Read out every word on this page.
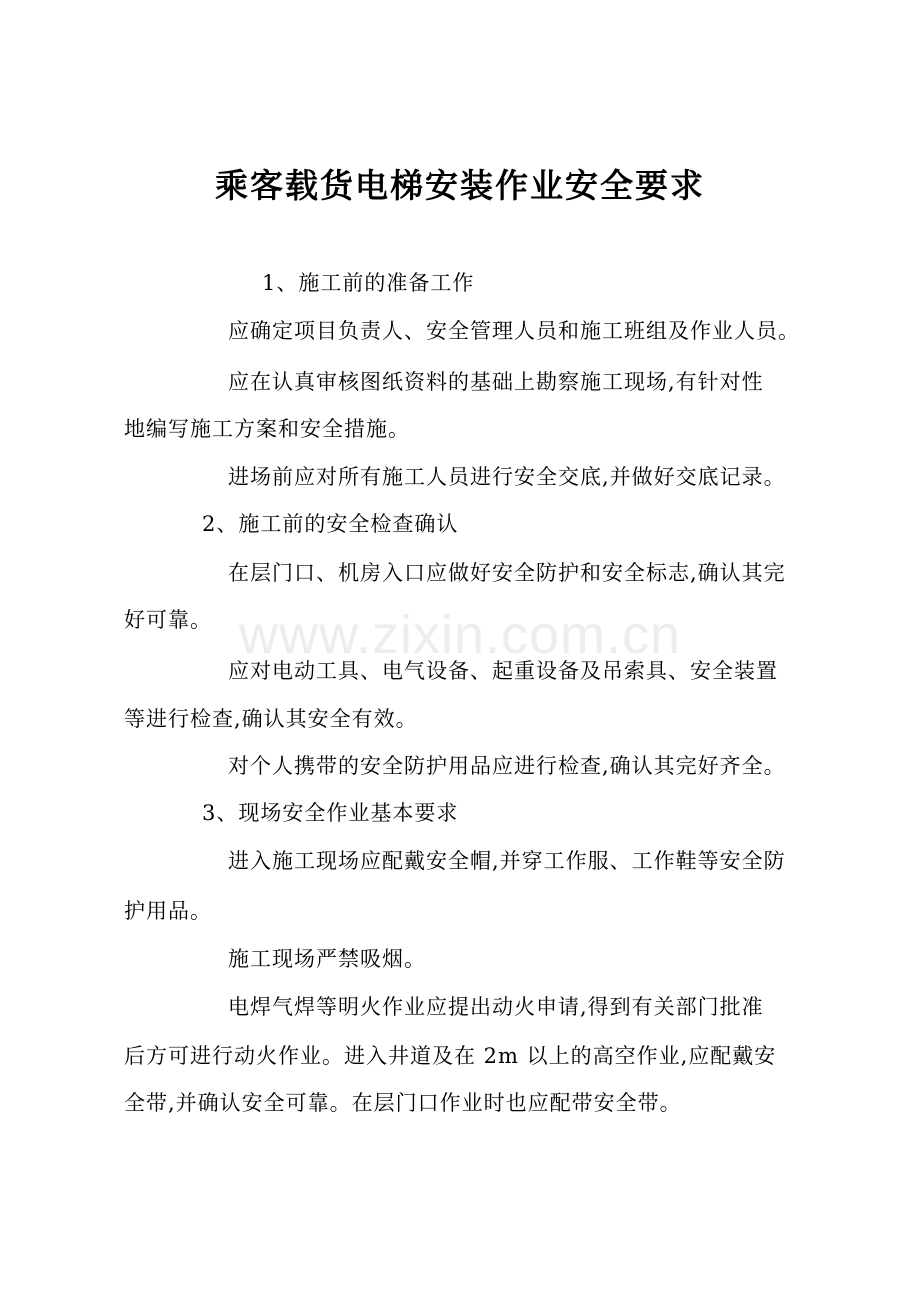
www.zixin.com.cn
乘客载货电梯安装作业安全要求
1、施工前的准备工作
应确定项目负责人、安全管理人员和施工班组及作业人员。
应在认真审核图纸资料的基础上勘察施工现场,有针对性
地编写施工方案和安全措施。
进场前应对所有施工人员进行安全交底,并做好交底记录。
2、施工前的安全检查确认
在层门口、机房入口应做好安全防护和安全标志,确认其完
好可靠。
应对电动工具、电气设备、起重设备及吊索具、安全装置
等进行检查,确认其安全有效。
对个人携带的安全防护用品应进行检查,确认其完好齐全。
3、现场安全作业基本要求
进入施工现场应配戴安全帽,并穿工作服、工作鞋等安全防
护用品。
施工现场严禁吸烟。
电焊气焊等明火作业应提出动火申请,得到有关部门批准
后方可进行动火作业。进入井道及在 2m 以上的高空作业,应配戴安
全带,并确认安全可靠。在层门口作业时也应配带安全带。
